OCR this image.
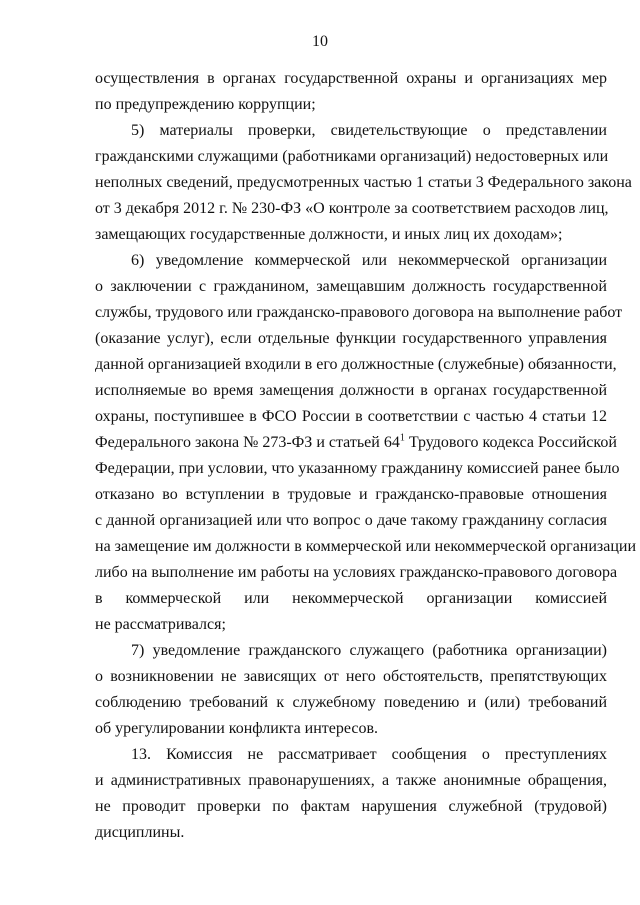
10
осуществления в органах государственной охраны и организациях мер
по предупреждению коррупции;
5) материалы проверки, свидетельствующие о представлении
гражданскими служащими (работниками организаций) недостоверных или
неполных сведений, предусмотренных частью 1 статьи 3 Федерального закона
от 3 декабря 2012 г. № 230-ФЗ «О контроле за соответствием расходов лиц,
замещающих государственные должности, и иных лиц их доходам»;
6) уведомление коммерческой или некоммерческой организации
о заключении с гражданином, замещавшим должность государственной
службы, трудового или гражданско-правового договора на выполнение работ
(оказание услуг), если отдельные функции государственного управления
данной организацией входили в его должностные (служебные) обязанности,
исполняемые во время замещения должности в органах государственной
охраны, поступившее в ФСО России в соответствии с частью 4 статьи 12
Федерального закона № 273-ФЗ и статьей $64^1$ Трудового кодекса Российской
Федерации, при условии, что указанному гражданину комиссией ранее было
отказано во вступлении в трудовые и гражданско-правовые отношения
с данной организацией или что вопрос о даче такому гражданину согласия
на замещение им должности в коммерческой или некоммерческой организации
либо на выполнение им работы на условиях гражданско-правового договора
в коммерческой или некоммерческой организации комиссией
не рассматривался;
7) уведомление гражданского служащего (работника организации)
о возникновении не зависящих от него обстоятельств, препятствующих
соблюдению требований к служебному поведению и (или) требований
об урегулировании конфликта интересов.
13. Комиссия не рассматривает сообщения о преступлениях
и административных правонарушениях, а также анонимные обращения,
не проводит проверки по фактам нарушения служебной (трудовой)
дисциплины.
